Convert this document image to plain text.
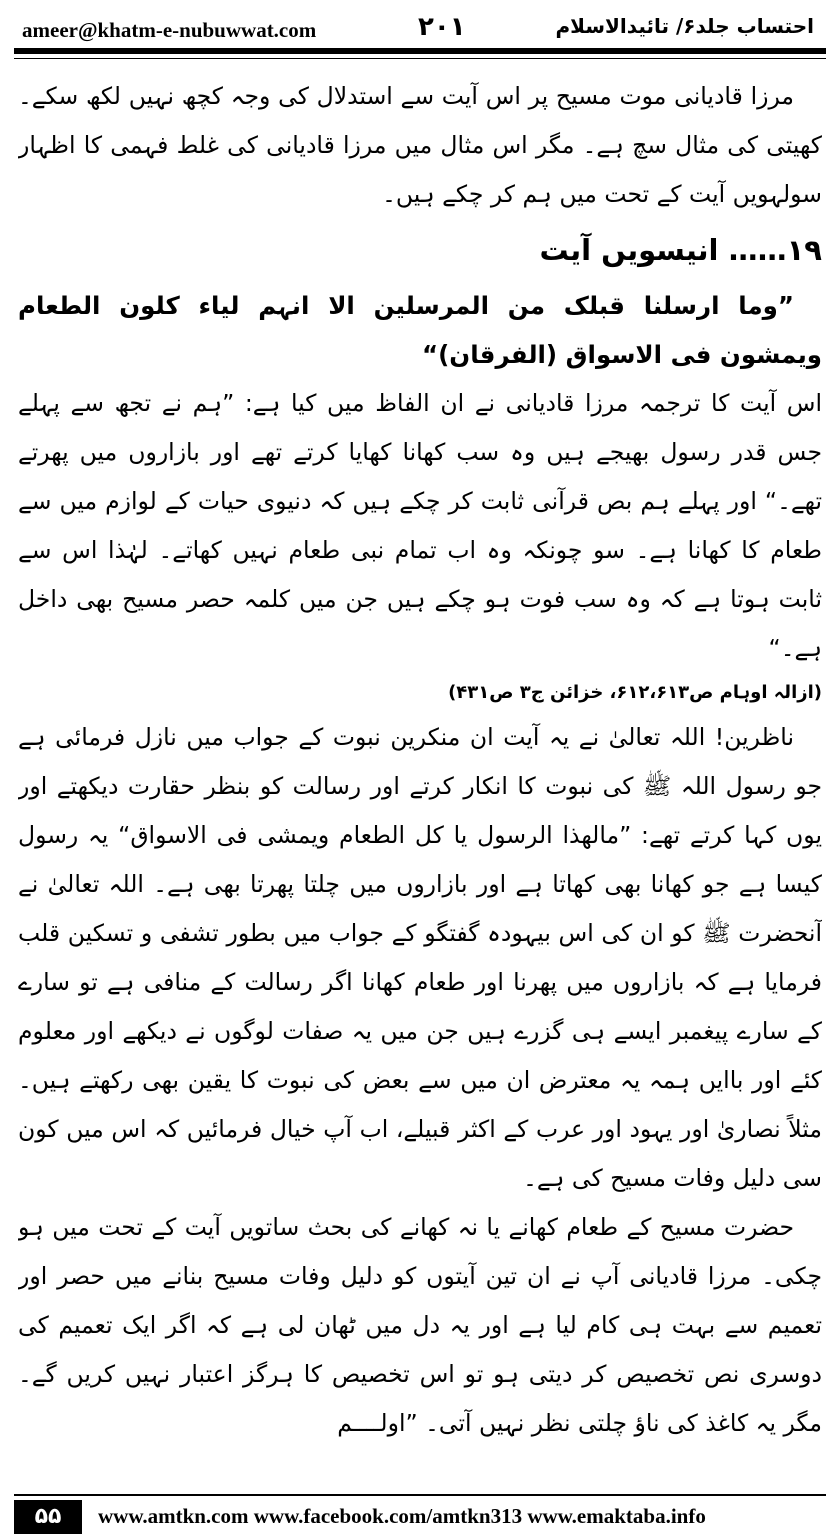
ameer@khatm-e-nubuwwat.com	۲۰۱	احتساب جلد۶/ تائیدالاسلام

مرزا قادیانی موت مسیح پر اس آیت سے استدلال کی وجہ کچھ نہیں لکھ سکے۔ کھیتی کی مثال سچ ہے۔ مگر اس مثال میں مرزا قادیانی کی غلط فہمی کا اظہار سولہویں آیت کے تحت میں ہم کر چکے ہیں۔

۱۹…… انیسویں آیت

”وما ارسلنا قبلک من المرسلین الا انہم لیاء کلون الطعام ویمشون فی الاسواق (الفرقان)“

اس آیت کا ترجمہ مرزا قادیانی نے ان الفاظ میں کیا ہے: ”ہم نے تجھ سے پہلے جس قدر رسول بھیجے ہیں وہ سب کھانا کھایا کرتے تھے اور بازاروں میں پھرتے تھے۔“ اور پہلے ہم بص قرآنی ثابت کر چکے ہیں کہ دنیوی حیات کے لوازم میں سے طعام کا کھانا ہے۔ سو چونکہ وہ اب تمام نبی طعام نہیں کھاتے۔ لہٰذا اس سے ثابت ہوتا ہے کہ وہ سب فوت ہو چکے ہیں جن میں کلمہ حصر مسیح بھی داخل ہے۔“

(ازالہ اوہام ص۶۱۲،۶۱۳، خزائن ج۳ ص۴۳۱)

ناظرین! اللہ تعالیٰ نے یہ آیت ان منکرین نبوت کے جواب میں نازل فرمائی ہے جو رسول اللہ ﷺ کی نبوت کا انکار کرتے اور رسالت کو بنظر حقارت دیکھتے اور یوں کہا کرتے تھے: ”مالھذا الرسول یا کل الطعام ویمشی فی الاسواق“ یہ رسول کیسا ہے جو کھانا بھی کھاتا ہے اور بازاروں میں چلتا پھرتا بھی ہے۔ اللہ تعالیٰ نے آنحضرت ﷺ کو ان کی اس بیہودہ گفتگو کے جواب میں بطور تشفی و تسکین قلب فرمایا ہے کہ بازاروں میں پھرنا اور طعام کھانا اگر رسالت کے منافی ہے تو سارے کے سارے پیغمبر ایسے ہی گزرے ہیں جن میں یہ صفات لوگوں نے دیکھے اور معلوم کئے اور باایں ہمہ یہ معترض ان میں سے بعض کی نبوت کا یقین بھی رکھتے ہیں۔ مثلاً نصاریٰ اور یہود اور عرب کے اکثر قبیلے، اب آپ خیال فرمائیں کہ اس میں کون سی دلیل وفات مسیح کی ہے۔

حضرت مسیح کے طعام کھانے یا نہ کھانے کی بحث ساتویں آیت کے تحت میں ہو چکی۔ مرزا قادیانی آپ نے ان تین آیتوں کو دلیل وفات مسیح بنانے میں حصر اور تعمیم سے بہت ہی کام لیا ہے اور یہ دل میں ٹھان لی ہے کہ اگر ایک تعمیم کی دوسری نص تخصیص کر دیتی ہو تو اس تخصیص کا ہرگز اعتبار نہیں کریں گے۔ مگر یہ کاغذ کی ناؤ چلتی نظر نہیں آتی۔ ”اولــــم

۵۵	www.amtkn.com www.facebook.com/amtkn313 www.emaktaba.info
